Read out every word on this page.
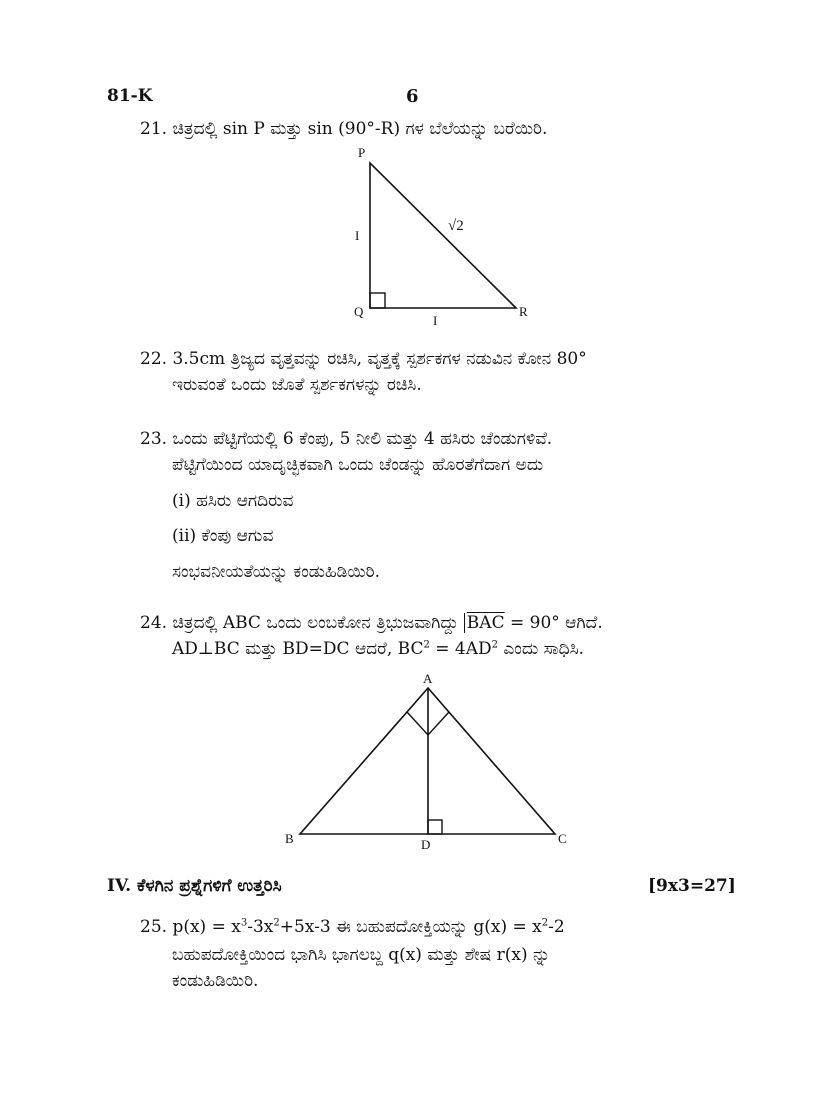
81-K	6
21. ಚಿತ್ರದಲ್ಲಿ sin P ಮತ್ತು sin (90°-R) ಗಳ ಬೆಲೆಯನ್ನು ಬರೆಯಿರಿ.
P
Q	R
I
I
√2
A
B	C
D
22. 3.5cm ತ್ರಿಜ್ಯದ ವೃತ್ತವನ್ನು ರಚಿಸಿ, ವೃತ್ತಕ್ಕೆ ಸ್ಪರ್ಶಕಗಳ ನಡುವಿನ ಕೋನ 80°
ಇರುವಂತೆ ಒಂದು ಜೊತೆ ಸ್ಪರ್ಶಕಗಳನ್ನು ರಚಿಸಿ.
23. ಒಂದು ಪೆಟ್ಟಿಗೆಯಲ್ಲಿ 6 ಕೆಂಪು, 5 ನೀಲಿ ಮತ್ತು 4 ಹಸಿರು ಚೆಂಡುಗಳಿವೆ.
ಪೆಟ್ಟಿಗೆಯಿಂದ ಯಾದೃಚ್ಛಿಕವಾಗಿ ಒಂದು ಚೆಂಡನ್ನು ಹೊರತೆಗೆದಾಗ ಅದು
(i) ಹಸಿರು ಆಗದಿರುವ
(ii) ಕೆಂಪು ಆಗುವ
ಸಂಭವನೀಯತೆಯನ್ನು ಕಂಡುಹಿಡಿಯಿರಿ.
24. ಚಿತ್ರದಲ್ಲಿ ABC ಒಂದು ಲಂಬಕೋನ ತ್ರಿಭುಜವಾಗಿದ್ದು $\overline{BAC} = 90^\circ$ ಆಗಿದೆ.
AD⊥BC ಮತ್ತು BD=DC ಆದರೆ, $BC^2 = 4AD^2$ ಎಂದು ಸಾಧಿಸಿ.
IV. ಕೆಳಗಿನ ಪ್ರಶ್ನೆಗಳಿಗೆ ಉತ್ತರಿಸಿ	[9x3=27]
25. $p(x) = x^3-3x^2+5x-3$ ಈ ಬಹುಪದೋಕ್ತಿಯನ್ನು $g(x) = x^2-2$
ಬಹುಪದೋಕ್ತಿಯಿಂದ ಭಾಗಿಸಿ ಭಾಗಲಬ್ದ q(x) ಮತ್ತು ಶೇಷ r(x) ನ್ನು
ಕಂಡುಹಿಡಿಯಿರಿ.
